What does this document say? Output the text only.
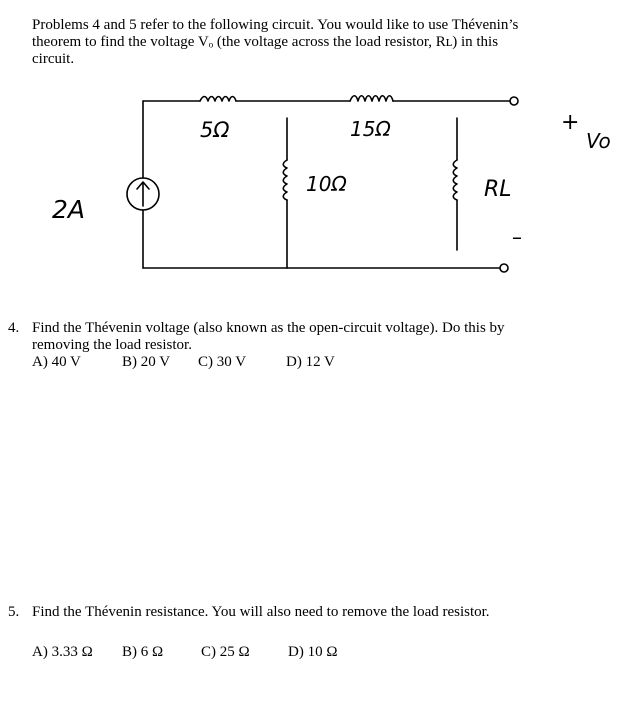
Problems 4 and 5 refer to the following circuit. You would like to use Thévenin’s
theorem to find the voltage Vₒ (the voltage across the load resistor, Rʟ) in this
circuit.
5Ω	15Ω
10Ω	RL
2A
+
Vo
–
4. Find the Thévenin voltage (also known as the open-circuit voltage). Do this by
removing the load resistor.
A) 40 V	B) 20 V C) 30 V	D) 12 V
5. Find the Thévenin resistance. You will also need to remove the load resistor.
A) 3.33 Ω B) 6 Ω	C) 25 Ω	D) 10 Ω
